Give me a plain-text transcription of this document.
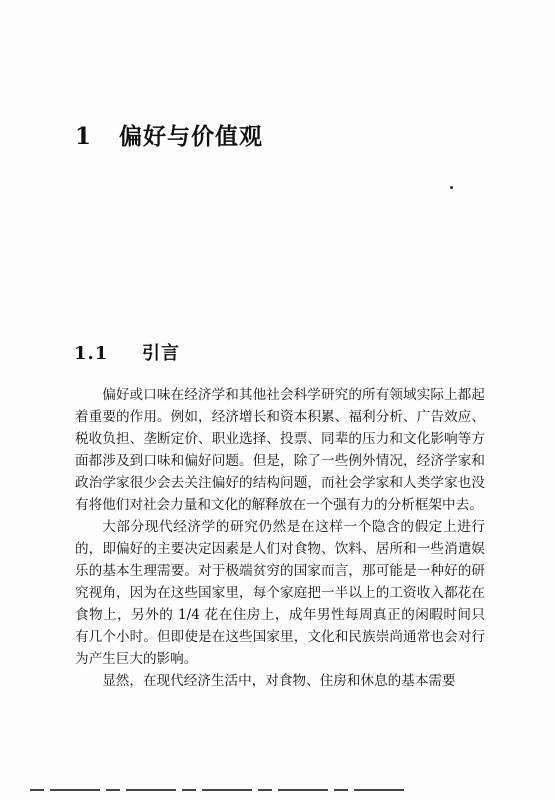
1 偏好与价值观
1.1 引言

偏好或口味在经济学和其他社会科学研究的所有领域实际上都起着重要的作用。例如，经济增长和资本积累、福利分析、广告效应、税收负担、垄断定价、职业选择、投票、同辈的压力和文化影响等方面都涉及到口味和偏好问题。但是，除了一些例外情况，经济学家和政治学家很少会去关注偏好的结构问题，而社会学家和人类学家也没有将他们对社会力量和文化的解释放在一个强有力的分析框架中去。

大部分现代经济学的研究仍然是在这样一个隐含的假定上进行的，即偏好的主要决定因素是人们对食物、饮料、居所和一些消遣娱乐的基本生理需要。对于极端贫穷的国家而言，那可能是一种好的研究视角，因为在这些国家里，每个家庭把一半以上的工资收入都花在食物上，另外的 1/4 花在住房上，成年男性每周真正的闲暇时间只有几个小时。但即使是在这些国家里，文化和民族崇尚通常也会对行为产生巨大的影响。

显然，在现代经济生活中，对食物、住房和休息的基本需要
